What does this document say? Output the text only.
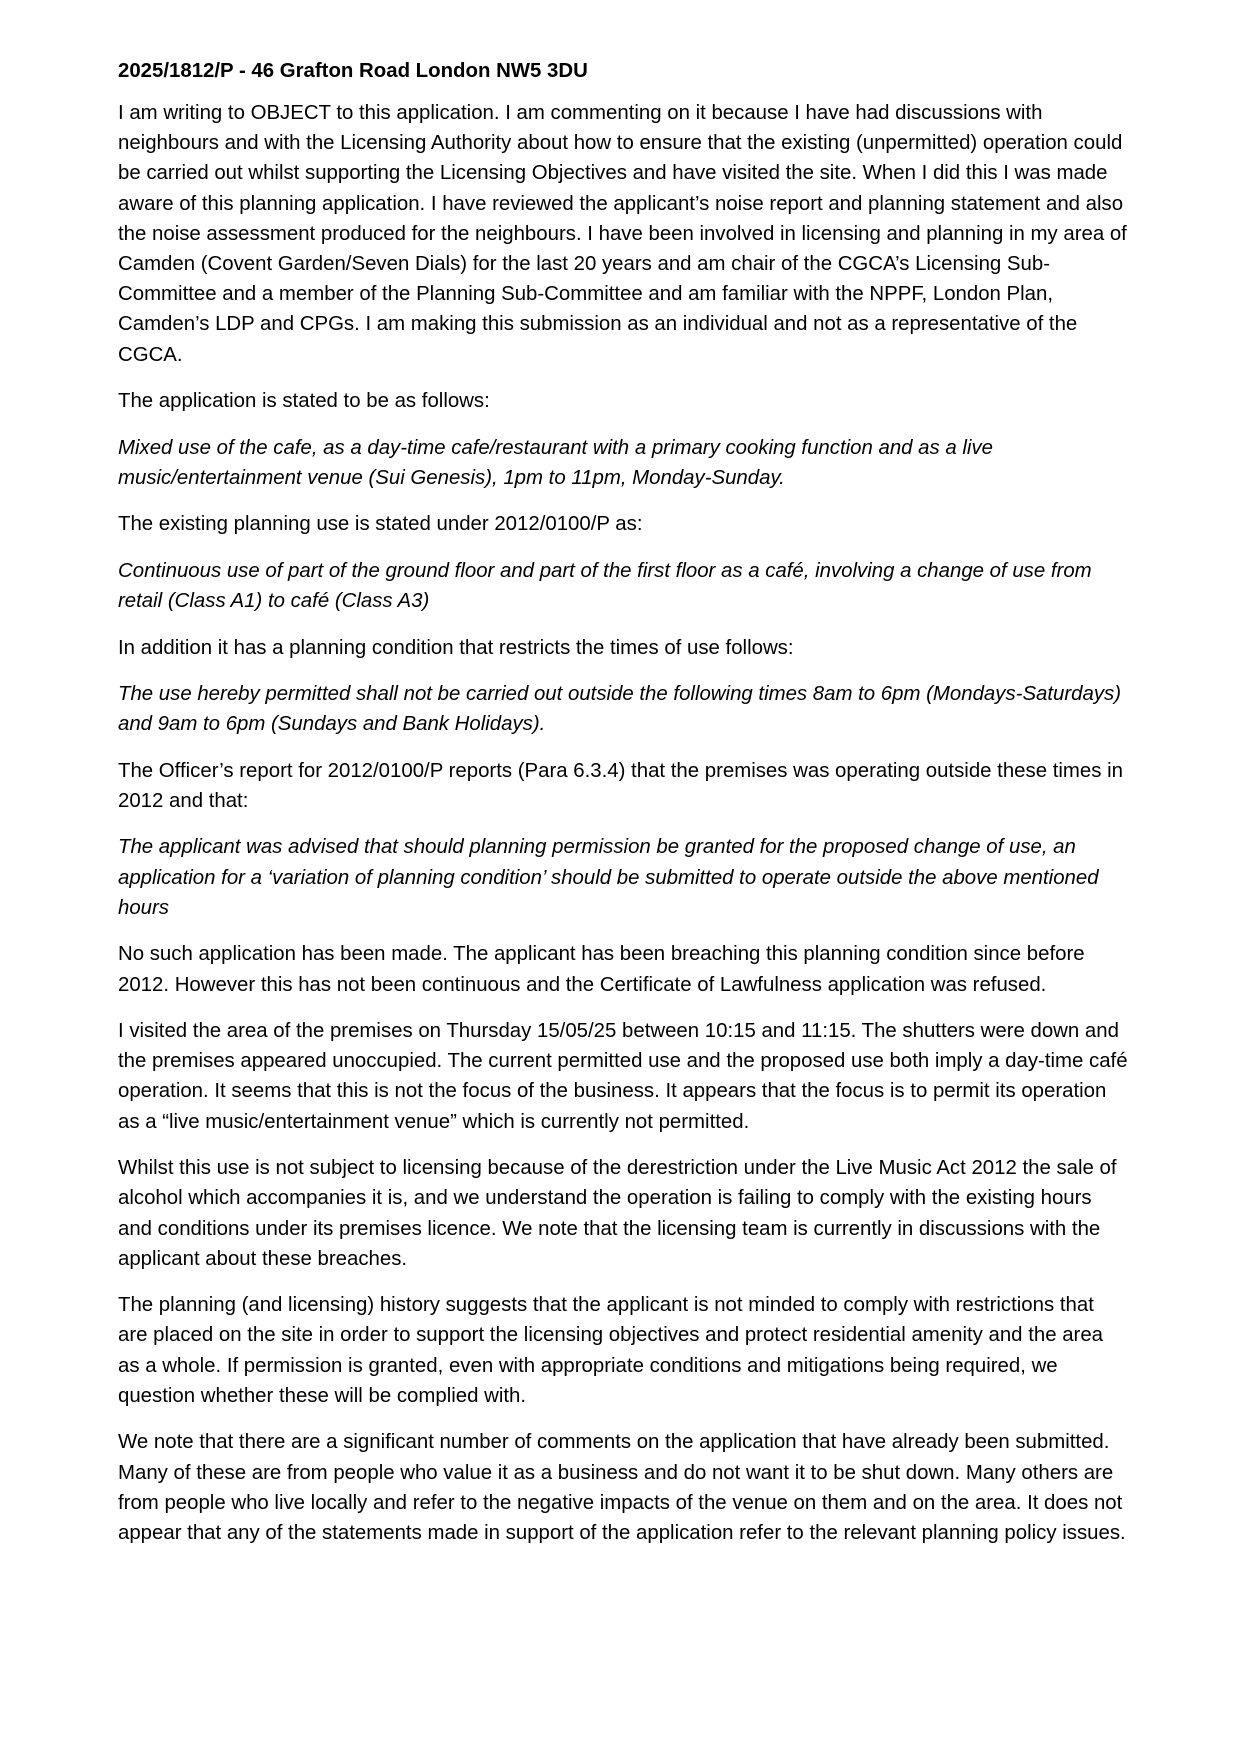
2025/1812/P - 46 Grafton Road London NW5 3DU

I am writing to OBJECT to this application. I am commenting on it because I have had discussions with neighbours and with the Licensing Authority about how to ensure that the existing (unpermitted) operation could be carried out whilst supporting the Licensing Objectives and have visited the site. When I did this I was made aware of this planning application. I have reviewed the applicant’s noise report and planning statement and also the noise assessment produced for the neighbours. I have been involved in licensing and planning in my area of Camden (Covent Garden/Seven Dials) for the last 20 years and am chair of the CGCA’s Licensing Sub-Committee and a member of the Planning Sub-Committee and am familiar with the NPPF, London Plan, Camden’s LDP and CPGs. I am making this submission as an individual and not as a representative of the CGCA.

The application is stated to be as follows:

Mixed use of the cafe, as a day-time cafe/restaurant with a primary cooking function and as a live music/entertainment venue (Sui Genesis), 1pm to 11pm, Monday-Sunday.

The existing planning use is stated under 2012/0100/P as:

Continuous use of part of the ground floor and part of the first floor as a café, involving a change of use from retail (Class A1) to café (Class A3)

In addition it has a planning condition that restricts the times of use follows:

The use hereby permitted shall not be carried out outside the following times 8am to 6pm (Mondays-Saturdays) and 9am to 6pm (Sundays and Bank Holidays).

The Officer’s report for 2012/0100/P reports (Para 6.3.4) that the premises was operating outside these times in 2012 and that:

The applicant was advised that should planning permission be granted for the proposed change of use, an application for a ‘variation of planning condition’ should be submitted to operate outside the above mentioned hours

No such application has been made. The applicant has been breaching this planning condition since before 2012. However this has not been continuous and the Certificate of Lawfulness application was refused.

I visited the area of the premises on Thursday 15/05/25 between 10:15 and 11:15. The shutters were down and the premises appeared unoccupied. The current permitted use and the proposed use both imply a day-time café operation. It seems that this is not the focus of the business. It appears that the focus is to permit its operation as a “live music/entertainment venue” which is currently not permitted.

Whilst this use is not subject to licensing because of the derestriction under the Live Music Act 2012 the sale of alcohol which accompanies it is, and we understand the operation is failing to comply with the existing hours and conditions under its premises licence. We note that the licensing team is currently in discussions with the applicant about these breaches.

The planning (and licensing) history suggests that the applicant is not minded to comply with restrictions that are placed on the site in order to support the licensing objectives and protect residential amenity and the area as a whole. If permission is granted, even with appropriate conditions and mitigations being required, we question whether these will be complied with.

We note that there are a significant number of comments on the application that have already been submitted. Many of these are from people who value it as a business and do not want it to be shut down. Many others are from people who live locally and refer to the negative impacts of the venue on them and on the area. It does not appear that any of the statements made in support of the application refer to the relevant planning policy issues.
